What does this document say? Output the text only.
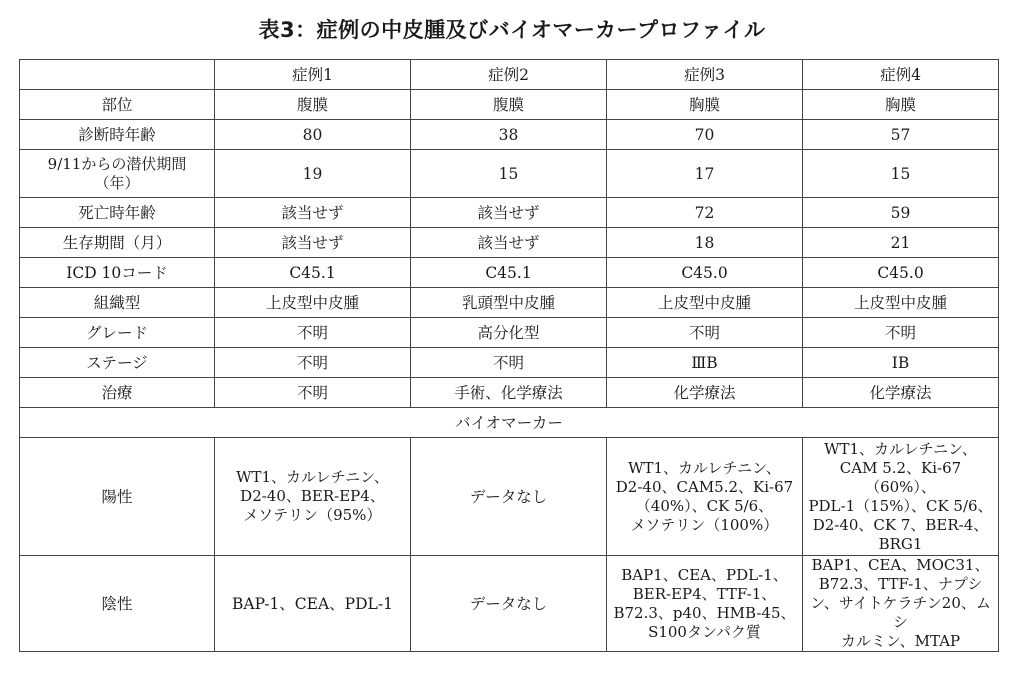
表3：症例の中皮腫及びバイオマーカープロファイル
	症例1	症例2	症例3	症例4
部位	腹膜	腹膜	胸膜	胸膜
診断時年齢	80	38	70	57
9/11からの潜伏期間
（年）	19	15	17	15
死亡時年齢	該当せず	該当せず	72	59
生存期間（月）	該当せず	該当せず	18	21
ICD 10コード	C45.1	C45.1	C45.0	C45.0
組織型	上皮型中皮腫	乳頭型中皮腫	上皮型中皮腫	上皮型中皮腫
グレード	不明	高分化型	不明	不明
ステージ	不明	不明	ⅢB	IB
治療	不明	手術、化学療法	化学療法	化学療法
バイオマーカー				
陽性	WT1、カルレチニン、
D2-40、BER-EP4、
メソテリン（95%）	データなし	WT1、カルレチニン、
D2-40、CAM5.2、Ki-67
（40%）、CK 5/6、
メソテリン（100%）	WT1、カルレチニン、
CAM 5.2、Ki-67（60%）、
PDL-1（15%）、CK 5/6、
D2-40、CK 7、BER-4、
BRG1
陰性	BAP-1、CEA、PDL-1	データなし	BAP1、CEA、PDL-1、
BER-EP4、TTF-1、
B72.3、p40、HMB-45、
S100タンパク質	BAP1、CEA、MOC31、
B72.3、TTF-1、ナプシ
ン、サイトケラチン20、ムシ
カルミン、MTAP
